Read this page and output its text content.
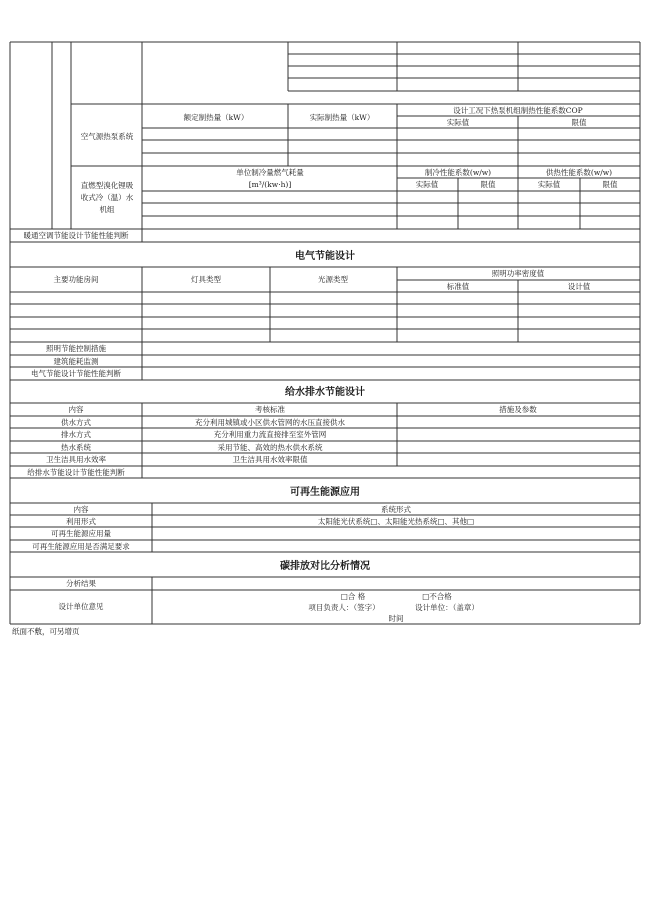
额定制热量（kW）	实际制热量（kW）
设计工况下热泵机组制热性能系数COP
实际值	限值
空气源热泵系统
直燃型溴化锂吸
收式冷（温）水
机组
单位制冷量燃气耗量
[m³/(kw·h)]
制冷性能系数(w/w)	供热性能系数(w/w)
实际值	限值	实际值	限值
暖通空调节能设计节能性能判断
电气节能设计
主要功能房间	灯具类型	光源类型
照明功率密度值
标准值	设计值
照明节能控制措施
建筑能耗监测
电气节能设计节能性能判断
给水排水节能设计
内容	考核标准	措施及参数
供水方式	充分利用城镇或小区供水管网的水压直接供水
排水方式	充分利用重力流直接排至室外管网
热水系统	采用节能、高效的热水供水系统
卫生洁具用水效率	卫生洁具用水效率限值
给排水节能设计节能性能判断
可再生能源应用
内容	系统形式
利用形式	太阳能光伏系统□、太阳能光热系统□、其他□
可再生能源应用量
可再生能源应用是否满足要求
碳排放对比分析情况
分析结果
设计单位意见
□合 格	□不合格
项目负责人：（签字）	设计单位：（盖章）
时间
纸面不敷，可另增页
